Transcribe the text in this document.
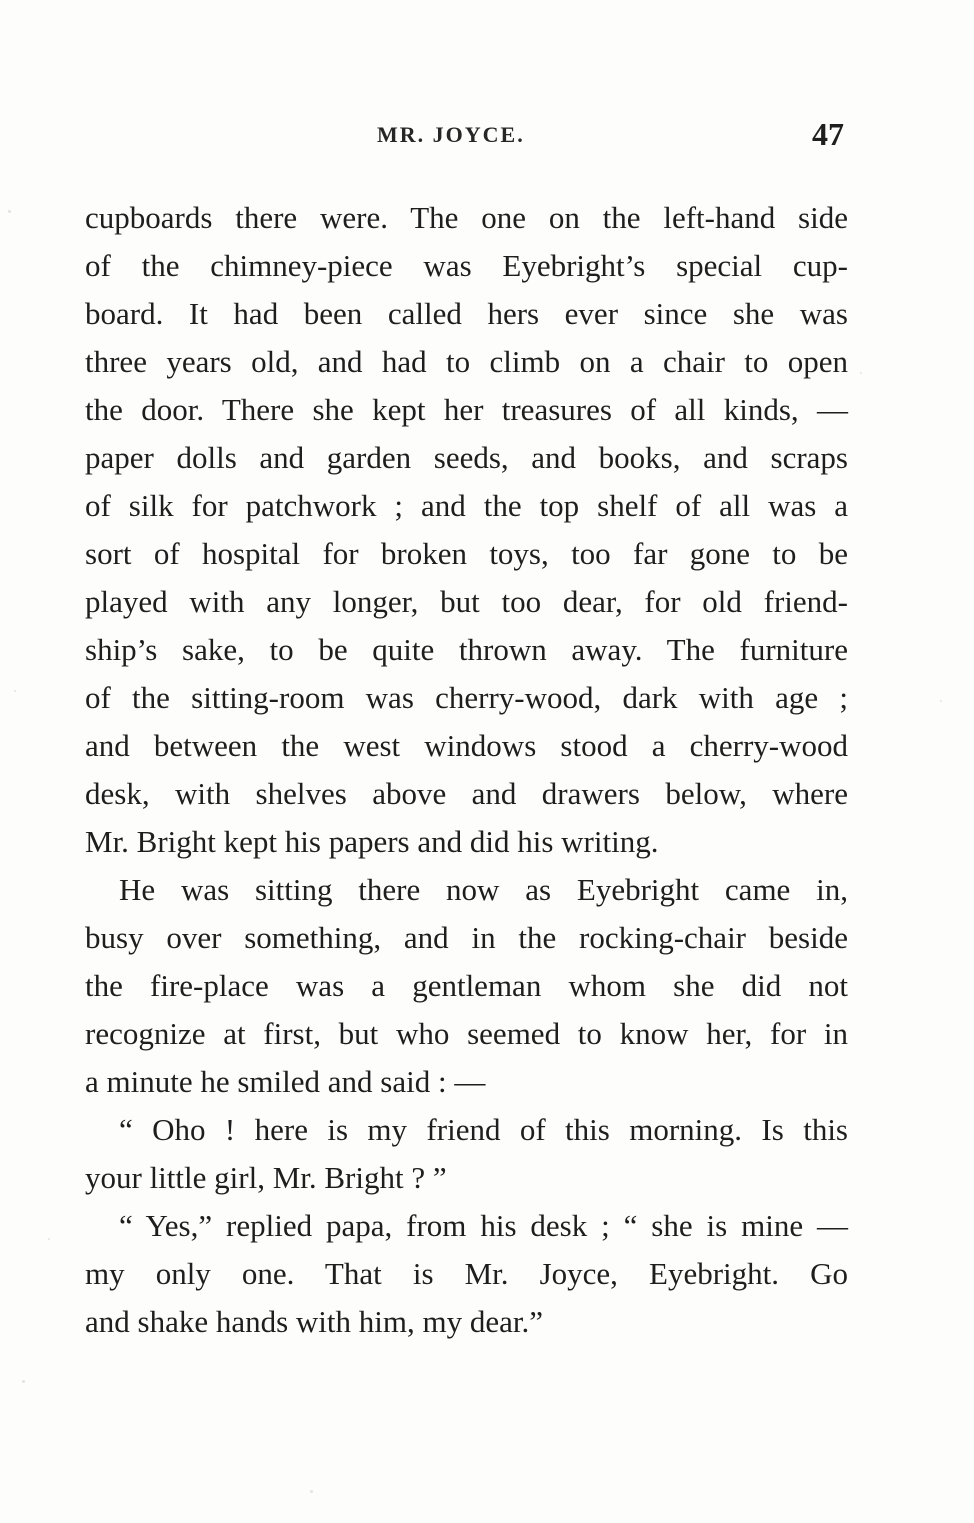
MR. JOYCE.	47
cupboards there were. The one on the left-hand side
of the chimney-piece was Eyebright’s special cup-
board. It had been called hers ever since she was
three years old, and had to climb on a chair to open
the door. There she kept her treasures of all kinds, —
paper dolls and garden seeds, and books, and scraps
of silk for patchwork ; and the top shelf of all was a
sort of hospital for broken toys, too far gone to be
played with any longer, but too dear, for old friend-
ship’s sake, to be quite thrown away. The furniture
of the sitting-room was cherry-wood, dark with age ;
and between the west windows stood a cherry-wood
desk, with shelves above and drawers below, where
Mr. Bright kept his papers and did his writing.
He was sitting there now as Eyebright came in,
busy over something, and in the rocking-chair beside
the fire-place was a gentleman whom she did not
recognize at first, but who seemed to know her, for in
a minute he smiled and said : —
“ Oho ! here is my friend of this morning. Is this
your little girl, Mr. Bright ? ”
“ Yes,” replied papa, from his desk ; “ she is mine —
my only one. That is Mr. Joyce, Eyebright. Go
and shake hands with him, my dear.”
